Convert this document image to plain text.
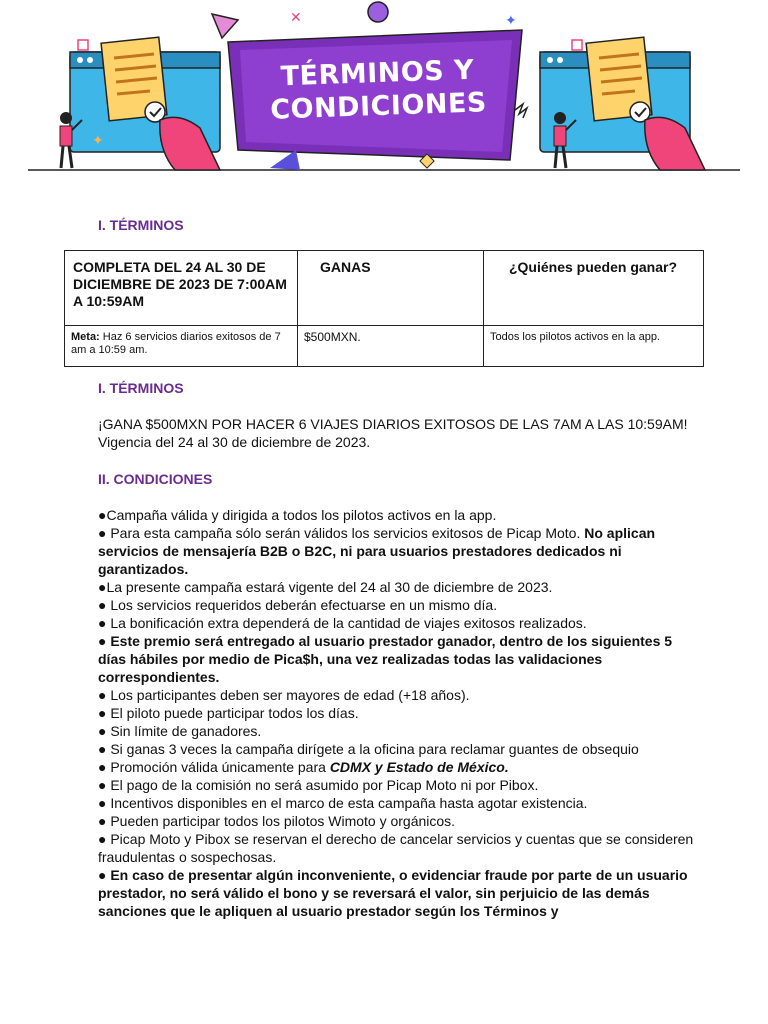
✦
✕	✦
TÉRMINOS Y
CONDICIONES
I. TÉRMINOS
COMPLETA DEL 24 AL 30 DE DICIEMBRE DE 2023 DE 7:00AM A 10:59AM	GANAS	¿Quiénes pueden ganar?
Meta: Haz 6 servicios diarios exitosos de 7 am a 10:59 am.	$500MXN.	Todos los pilotos activos en la app.
I. TÉRMINOS
¡GANA $500MXN POR HACER 6 VIAJES DIARIOS EXITOSOS DE LAS 7AM A LAS 10:59AM!
Vigencia del 24 al 30 de diciembre de 2023.
II. CONDICIONES
●Campaña válida y dirigida a todos los pilotos activos en la app.
● Para esta campaña sólo serán válidos los servicios exitosos de Picap Moto. No aplican servicios de mensajería B2B o B2C, ni para usuarios prestadores dedicados ni garantizados.
●La presente campaña estará vigente del 24 al 30 de diciembre de 2023.
● Los servicios requeridos deberán efectuarse en un mismo día.
● La bonificación extra dependerá de la cantidad de viajes exitosos realizados.
● Este premio será entregado al usuario prestador ganador, dentro de los siguientes 5 días hábiles por medio de Pica$h, una vez realizadas todas las validaciones correspondientes.
● Los participantes deben ser mayores de edad (+18 años).
● El piloto puede participar todos los días.
● Sin límite de ganadores.
● Si ganas 3 veces la campaña dirígete a la oficina para reclamar guantes de obsequio
● Promoción válida únicamente para CDMX y Estado de México.
● El pago de la comisión no será asumido por Picap Moto ni por Pibox.
● Incentivos disponibles en el marco de esta campaña hasta agotar existencia.
● Pueden participar todos los pilotos Wimoto y orgánicos.
● Picap Moto y Pibox se reservan el derecho de cancelar servicios y cuentas que se consideren fraudulentas o sospechosas.
● En caso de presentar algún inconveniente, o evidenciar fraude por parte de un usuario prestador, no será válido el bono y se reversará el valor, sin perjuicio de las demás sanciones que le apliquen al usuario prestador según los Términos y
